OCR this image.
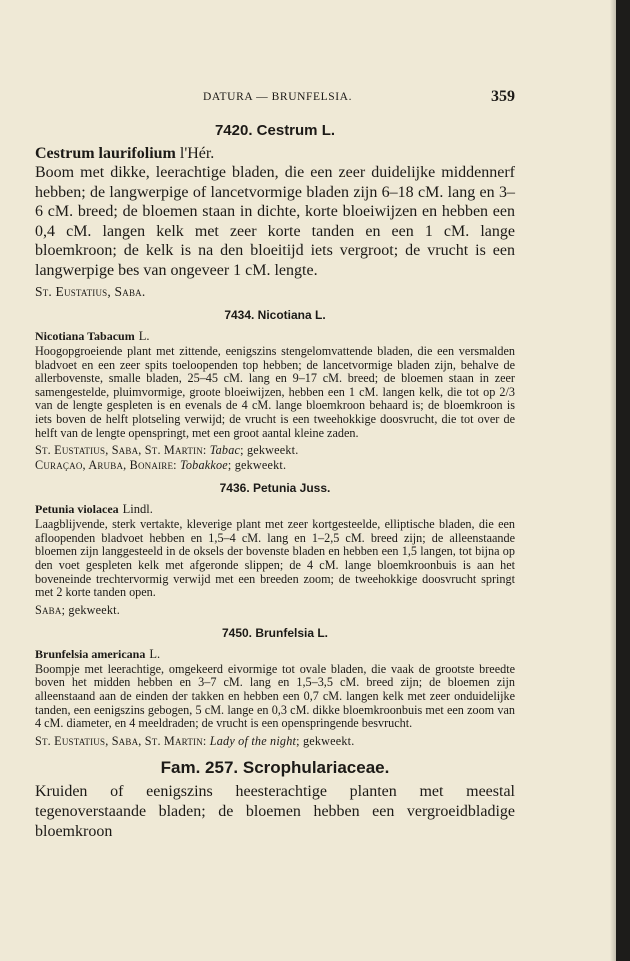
DATURA — BRUNFELSIA.	359
7420. Cestrum L.
Cestrum laurifolium l'Hér.

Boom met dikke, leerachtige bladen, die een zeer duidelijke middennerf hebben; de langwerpige of lancetvormige bladen zijn 6–18 cM. lang en 3–6 cM. breed; de bloemen staan in dichte, korte bloeiwijzen en hebben een 0,4 cM. langen kelk met zeer korte tanden en een 1 cM. lange bloemkroon; de kelk is na den bloeitijd iets vergroot; de vrucht is een langwerpige bes van ongeveer 1 cM. lengte.

St. Eustatius, Saba.

7434. Nicotiana L.
Nicotiana Tabacum L.

Hoogopgroeiende plant met zittende, eenigszins stengelomvattende bladen, die een versmalden bladvoet en een zeer spits toeloopenden top hebben; de lancetvormige bladen zijn, behalve de allerbovenste, smalle bladen, 25–45 cM. lang en 9–17 cM. breed; de bloemen staan in zeer samengestelde, pluimvormige, groote bloeiwijzen, hebben een 1 cM. langen kelk, die tot op 2/3 van de lengte gespleten is en evenals de 4 cM. lange bloemkroon behaard is; de bloemkroon is iets boven de helft plotseling verwijd; de vrucht is een tweehokkige doosvrucht, die tot over de helft van de lengte openspringt, met een groot aantal kleine zaden.

St. Eustatius, Saba, St. Martin: Tabac; gekweekt.

Curaçao, Aruba, Bonaire: Tobakkoe; gekweekt.

7436. Petunia Juss.
Petunia violacea Lindl.

Laagblijvende, sterk vertakte, kleverige plant met zeer kortgesteelde, elliptische bladen, die een afloopenden bladvoet hebben en 1,5–4 cM. lang en 1–2,5 cM. breed zijn; de alleenstaande bloemen zijn langgesteeld in de oksels der bovenste bladen en hebben een 1,5 langen, tot bijna op den voet gespleten kelk met afgeronde slippen; de 4 cM. lange bloemkroonbuis is aan het boveneinde trechtervormig verwijd met een breeden zoom; de tweehokkige doosvrucht springt met 2 korte tanden open.

Saba; gekweekt.

7450. Brunfelsia L.
Brunfelsia americana L.

Boompje met leerachtige, omgekeerd eivormige tot ovale bladen, die vaak de grootste breedte boven het midden hebben en 3–7 cM. lang en 1,5–3,5 cM. breed zijn; de bloemen zijn alleenstaand aan de einden der takken en hebben een 0,7 cM. langen kelk met zeer onduidelijke tanden, een eenigszins gebogen, 5 cM. lange en 0,3 cM. dikke bloemkroonbuis met een zoom van 4 cM. diameter, en 4 meeldraden; de vrucht is een openspringende besvrucht.

St. Eustatius, Saba, St. Martin: Lady of the night; gekweekt.

Fam. 257. Scrophulariaceae.

Kruiden of eenigszins heesterachtige planten met meestal tegenoverstaande bladen; de bloemen hebben een vergroeidbladige bloemkroon
